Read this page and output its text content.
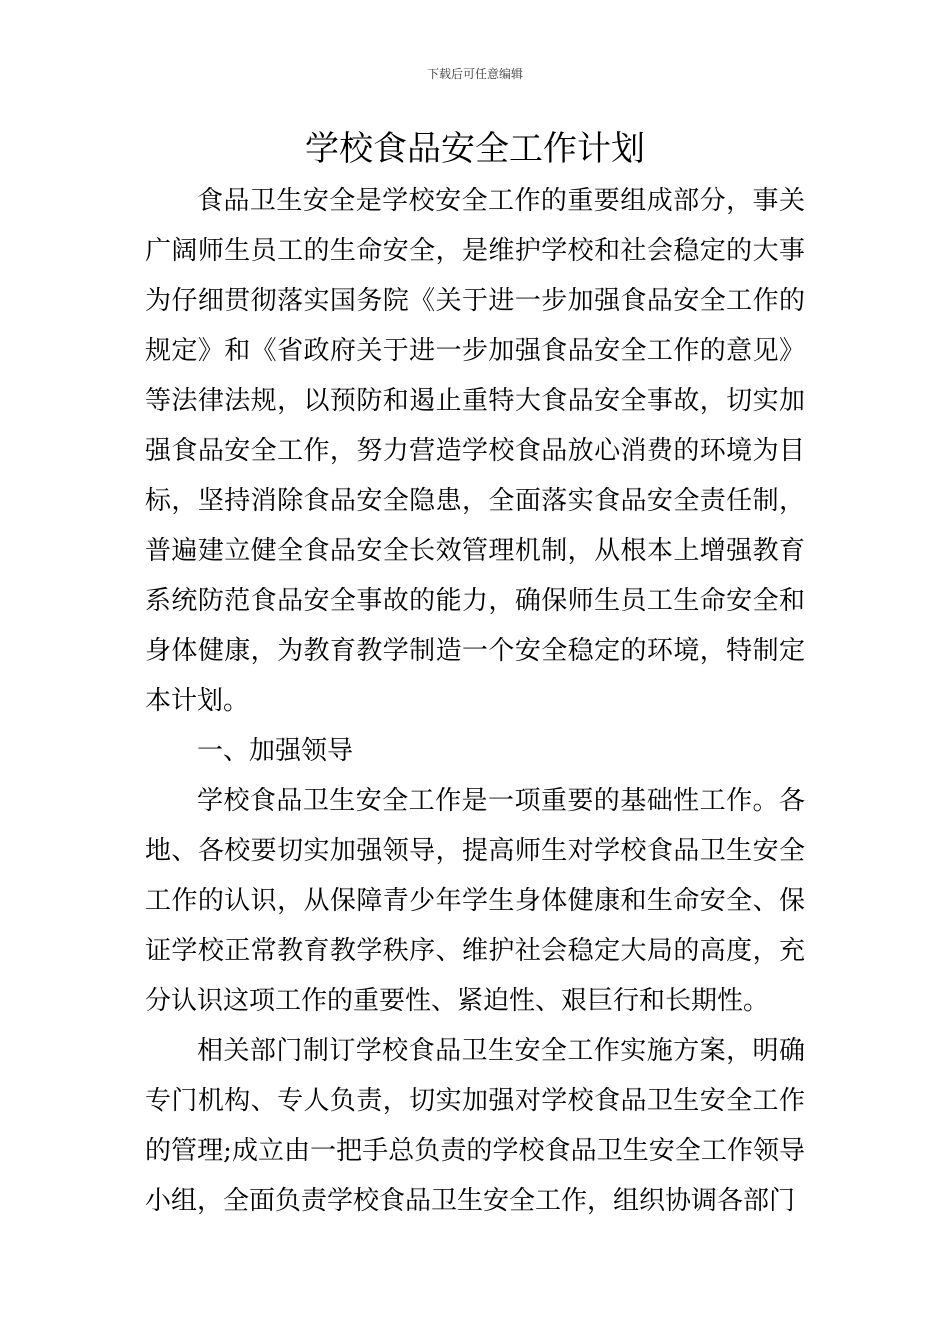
下载后可任意编辑
学校食品安全工作计划

食品卫生安全是学校安全工作的重要组成部分，事关广阔师生员工的生命安全，是维护学校和社会稳定的大事为仔细贯彻落实国务院《关于进一步加强食品安全工作的规定》和《省政府关于进一步加强食品安全工作的意见》等法律法规，以预防和遏止重特大食品安全事故，切实加强食品安全工作，努力营造学校食品放心消费的环境为目标，坚持消除食品安全隐患，全面落实食品安全责任制，普遍建立健全食品安全长效管理机制，从根本上增强教育系统防范食品安全事故的能力，确保师生员工生命安全和身体健康，为教育教学制造一个安全稳定的环境，特制定本计划。

一、加强领导

学校食品卫生安全工作是一项重要的基础性工作。各地、各校要切实加强领导，提高师生对学校食品卫生安全工作的认识，从保障青少年学生身体健康和生命安全、保证学校正常教育教学秩序、维护社会稳定大局的高度，充分认识这项工作的重要性、紧迫性、艰巨行和长期性。

相关部门制订学校食品卫生安全工作实施方案，明确专门机构、专人负责，切实加强对学校食品卫生安全工作的管理;成立由一把手总负责的学校食品卫生安全工作领导小组，全面负责学校食品卫生安全工作，组织协调各部门
